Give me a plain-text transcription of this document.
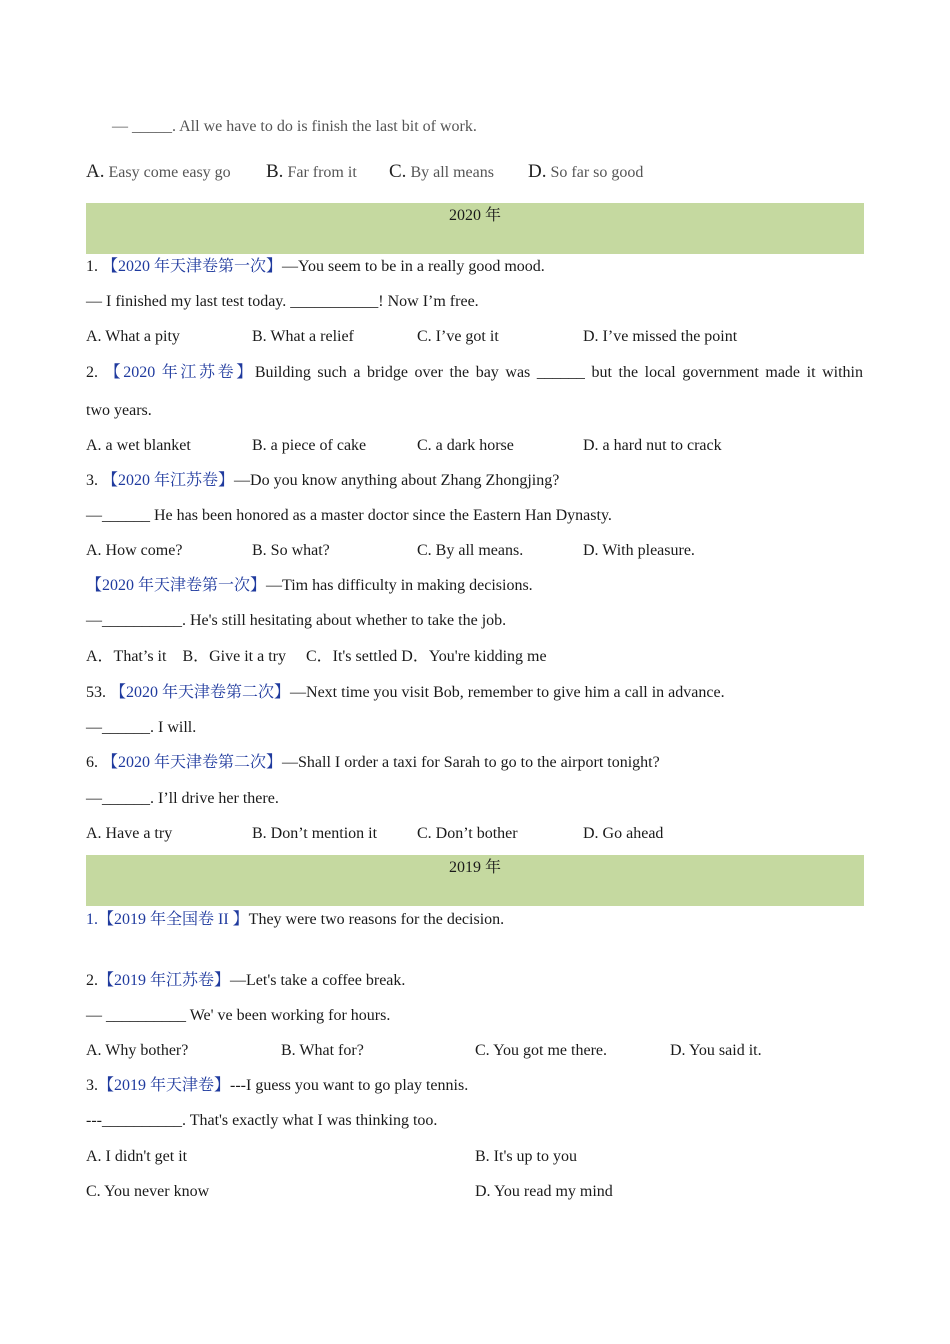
— _____. All we have to do is finish the last bit of work.
A. Easy come easy go B. Far from it C. By all means D. So far so good
2020 年
1. 【2020 年天津卷第一次】—You seem to be in a really good mood.
— I finished my last test today. ___________! Now I’m free.
A. What a pity	B. What a relief	C. I’ve got it	D. I’ve missed the point
2. 【2020 年江苏卷】Building such a bridge over the bay was ______ but the local government made it within
two years.
A. a wet blanket	B. a piece of cake	C. a dark horse	D. a hard nut to crack
3. 【2020 年江苏卷】—Do you know anything about Zhang Zhongjing?
—______ He has been honored as a master doctor since the Eastern Han Dynasty.
A. How come?	B. So what?	C. By all means.	D. With pleasure.
【2020 年天津卷第一次】—Tim has difficulty in making decisions.
—__________. He's still hesitating about whether to take the job.
A．That’s it　B．Give it a try　 C．It's settled D．You're kidding me
53. 【2020 年天津卷第二次】—Next time you visit Bob, remember to give him a call in advance.
—______. I will.
6. 【2020 年天津卷第二次】—Shall I order a taxi for Sarah to go to the airport tonight?
—______. I’ll drive her there.
A. Have a try	B. Don’t mention it C. Don’t bother	D. Go ahead
2019 年
1.【2019 年全国卷 II 】They were two reasons for the decision.
2.【2019 年江苏卷】—Let's take a coffee break.
— __________ We' ve been working for hours.
A. Why bother?	B. What for?	C. You got me there.	D. You said it.
3.【2019 年天津卷】---I guess you want to go play tennis.
---__________. That's exactly what I was thinking too.
A. I didn't get it	B. It's up to you
C. You never know	D. You read my mind
